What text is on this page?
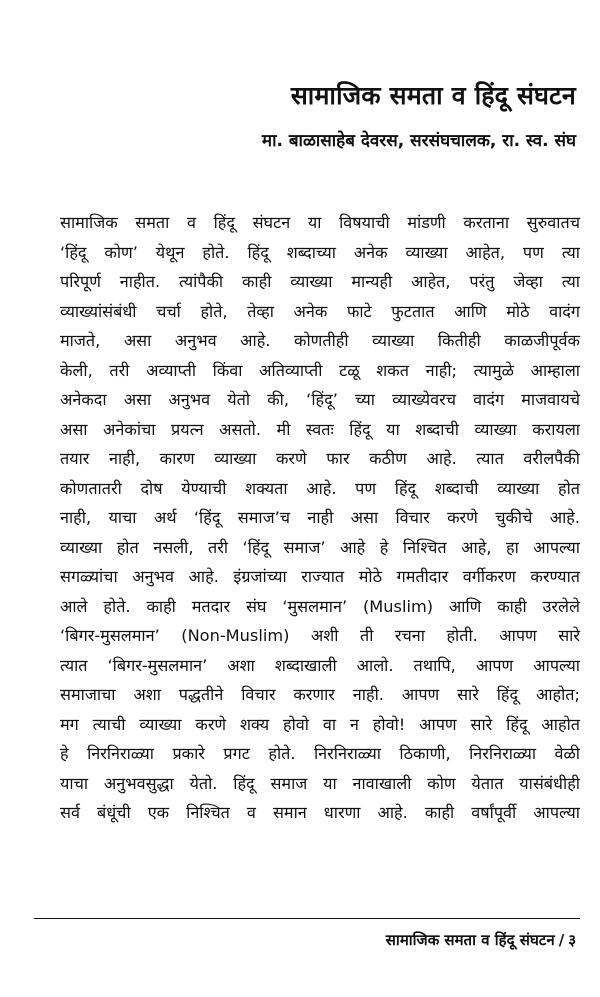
सामाजिक समता व हिंदू संघटन
मा. बाळासाहेब देवरस, सरसंघचालक, रा. स्व. संघ

सामाजिक समता व हिंदू संघटन या विषयाची मांडणी करताना सुरुवातच
‘हिंदू कोण’ येथून होते. हिंदू शब्दाच्या अनेक व्याख्या आहेत, पण त्या
परिपूर्ण नाहीत. त्यांपैकी काही व्याख्या मान्यही आहेत, परंतु जेव्हा त्या
व्याख्यांसंबंधी चर्चा होते, तेव्हा अनेक फाटे फुटतात आणि मोठे वादंग
माजते, असा अनुभव आहे. कोणतीही व्याख्या कितीही काळजीपूर्वक
केली, तरी अव्याप्ती किंवा अतिव्याप्ती टळू शकत नाही; त्यामुळे आम्हाला
अनेकदा असा अनुभव येतो की, ‘हिंदू’ च्या व्याख्येवरच वादंग माजवायचे
असा अनेकांचा प्रयत्न असतो. मी स्वतः हिंदू या शब्दाची व्याख्या करायला
तयार नाही, कारण व्याख्या करणे फार कठीण आहे. त्यात वरीलपैकी
कोणतातरी दोष येण्याची शक्यता आहे. पण हिंदू शब्दाची व्याख्या होत
नाही, याचा अर्थ ‘हिंदू समाज’च नाही असा विचार करणे चुकीचे आहे.
व्याख्या होत नसली, तरी ‘हिंदू समाज’ आहे हे निश्चित आहे, हा आपल्या
सगळ्यांचा अनुभव आहे. इंग्रजांच्या राज्यात मोठे गमतीदार वर्गीकरण करण्यात
आले होते. काही मतदार संघ ‘मुसलमान’ (Muslim) आणि काही उरलेले
‘बिगर-मुसलमान’ (Non-Muslim) अशी ती रचना होती. आपण सारे
त्यात ‘बिगर-मुसलमान’ अशा शब्दाखाली आलो. तथापि, आपण आपल्या
समाजाचा अशा पद्धतीने विचार करणार नाही. आपण सारे हिंदू आहोत;
मग त्याची व्याख्या करणे शक्य होवो वा न होवो! आपण सारे हिंदू आहोत
हे निरनिराळ्या प्रकारे प्रगट होते. निरनिराळ्या ठिकाणी, निरनिराळ्या वेळी
याचा अनुभवसुद्धा येतो. हिंदू समाज या नावाखाली कोण येतात यासंबंधीही
सर्व बंधूंची एक निश्चित व समान धारणा आहे. काही वर्षांपूर्वी आपल्या

सामाजिक समता व हिंदू संघटन / ३
